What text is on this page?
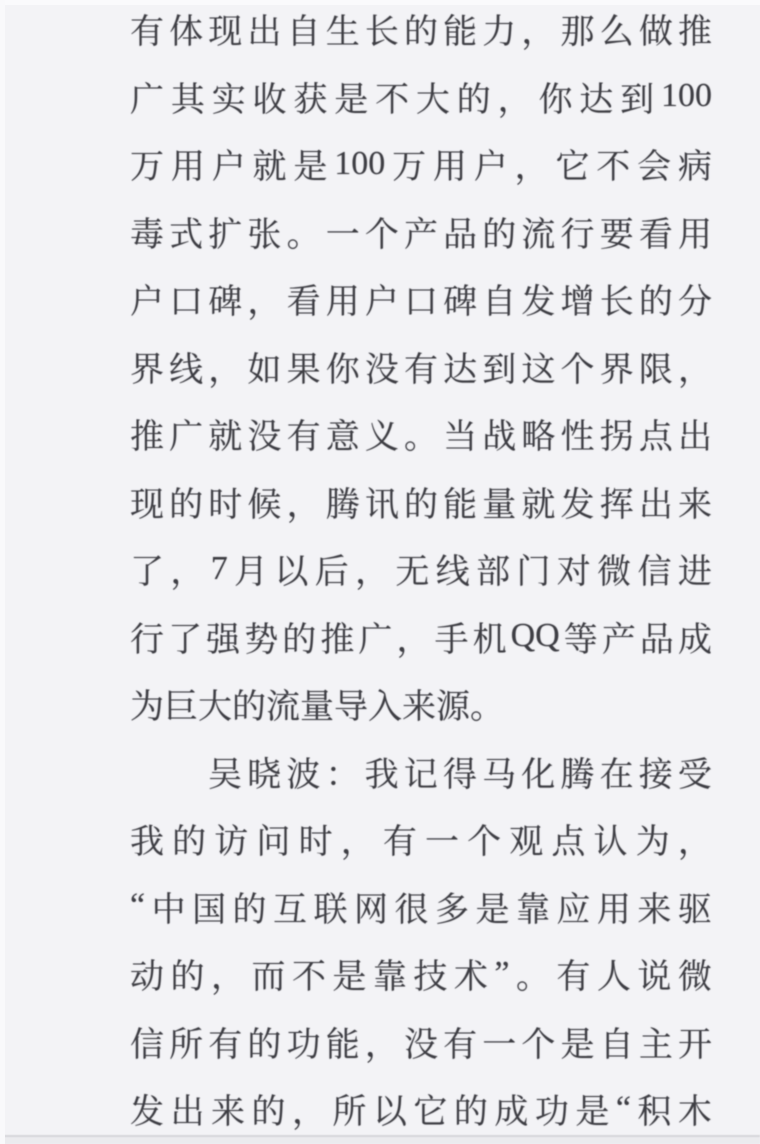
有 体 现 出 自 生 长 的 能 力 ， 那 么 做 推
广 其 实 收 获 是 不 大 的 ， 你 达 到 100
万 用 户 就 是 100 万 用 户 ， 它 不 会 病
毒 式 扩 张 。 一 个 产 品 的 流 行 要 看 用
户 口 碑 ， 看 用 户 口 碑 自 发 增 长 的 分
界 线 ， 如 果 你 没 有 达 到 这 个 界 限 ，
推 广 就 没 有 意 义 。 当 战 略 性 拐 点 出
现 的 时 候 ， 腾 讯 的 能 量 就 发 挥 出 来
了 ， 7 月 以 后 ， 无 线 部 门 对 微 信 进
行 了 强 势 的 推 广 ， 手 机 QQ 等 产 品 成
为巨大的流量导入来源。
吴 晓 波 ： 我 记 得 马 化 腾 在 接 受
我 的 访 问 时 ， 有 一 个 观 点 认 为 ，
“ 中 国 的 互 联 网 很 多 是 靠 应 用 来 驱
动 的 ， 而 不 是 靠 技 术 ” 。 有 人 说 微
信 所 有 的 功 能 ， 没 有 一 个 是 自 主 开
发 出 来 的 ， 所 以 它 的 成 功 是 “ 积 木
